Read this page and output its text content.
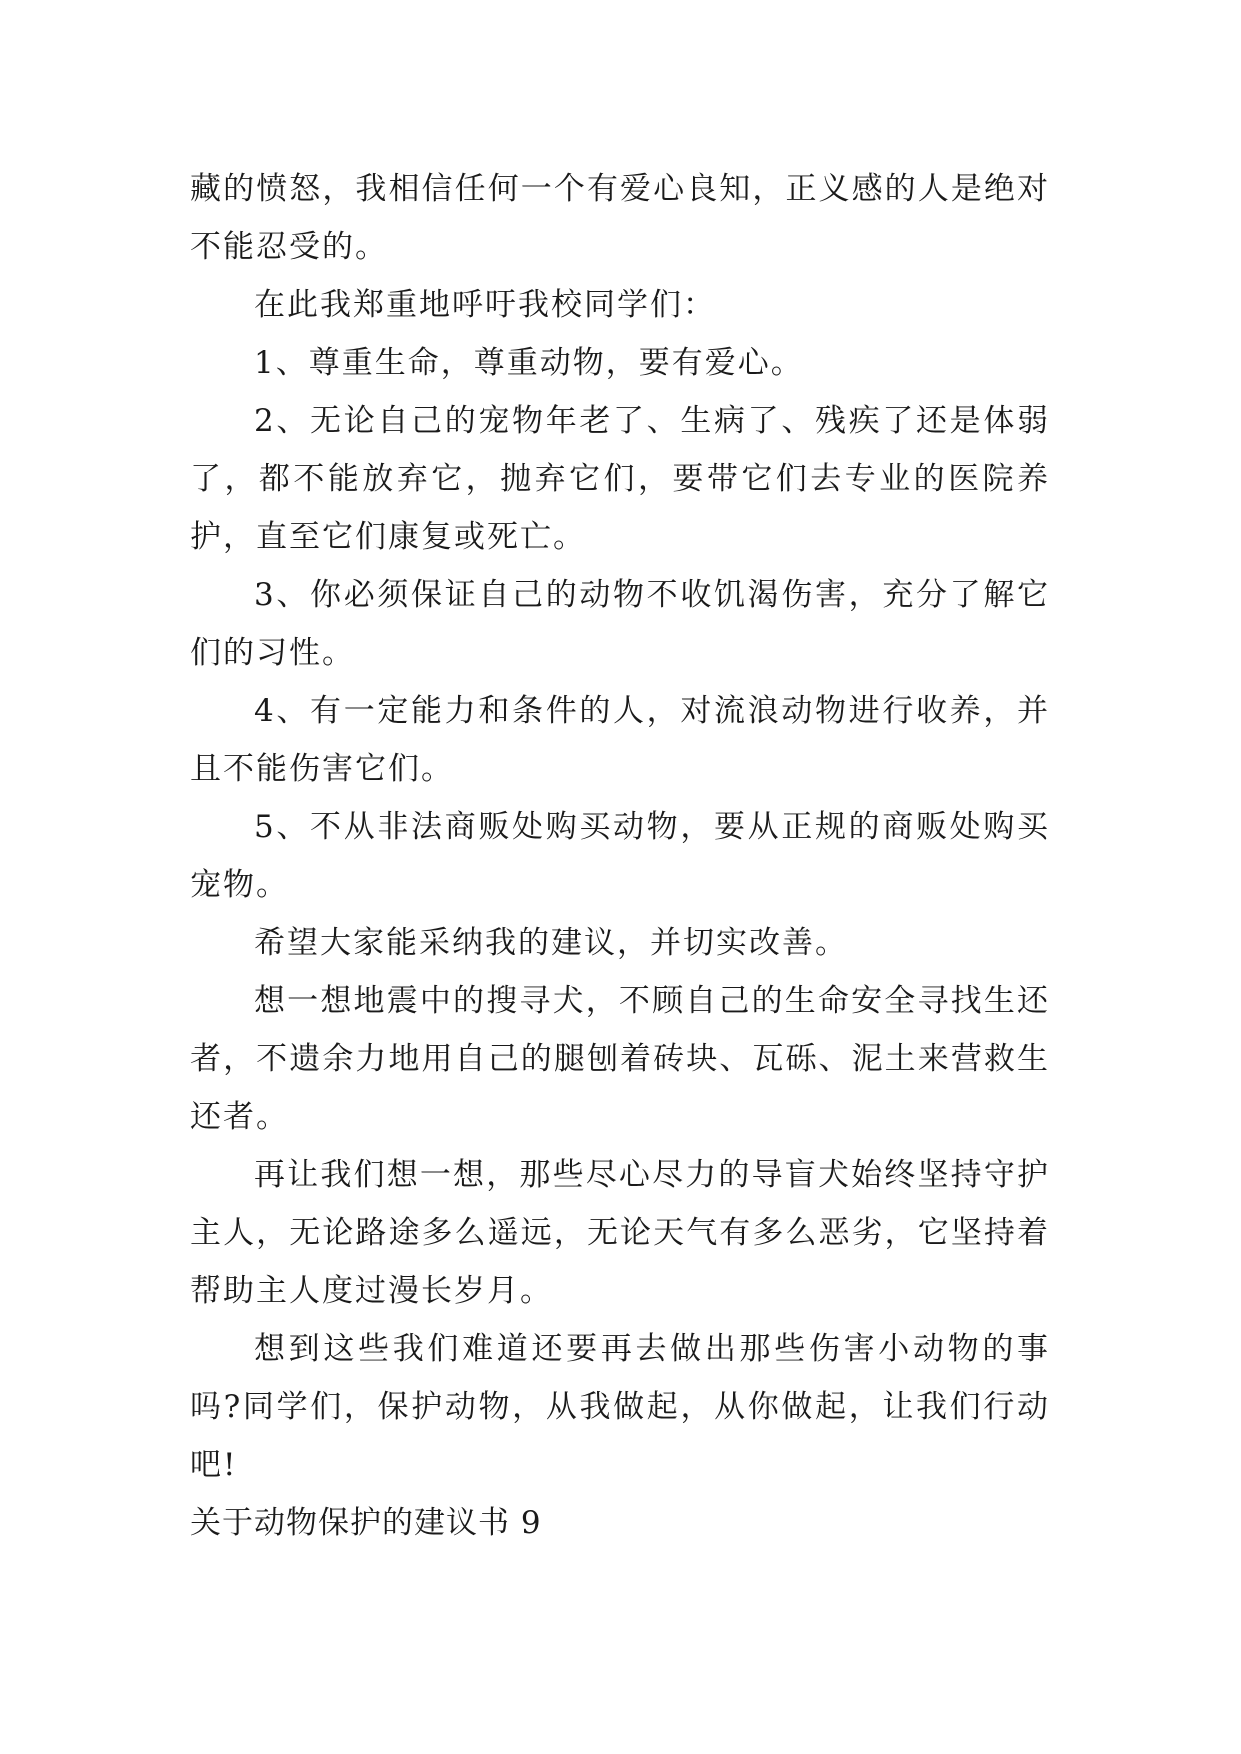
藏的愤怒，我相信任何一个有爱心良知，正义感的人是绝对不能忍受的。

在此我郑重地呼吁我校同学们：

1、尊重生命，尊重动物，要有爱心。

2、无论自己的宠物年老了、生病了、残疾了还是体弱了，都不能放弃它，抛弃它们，要带它们去专业的医院养护，直至它们康复或死亡。

3、你必须保证自己的动物不收饥渴伤害，充分了解它们的习性。

4、有一定能力和条件的人，对流浪动物进行收养，并且不能伤害它们。

5、不从非法商贩处购买动物，要从正规的商贩处购买宠物。

希望大家能采纳我的建议，并切实改善。

想一想地震中的搜寻犬，不顾自己的生命安全寻找生还者，不遗余力地用自己的腿刨着砖块、瓦砾、泥土来营救生还者。

再让我们想一想，那些尽心尽力的导盲犬始终坚持守护主人，无论路途多么遥远，无论天气有多么恶劣，它坚持着帮助主人度过漫长岁月。

想到这些我们难道还要再去做出那些伤害小动物的事吗?同学们，保护动物，从我做起，从你做起，让我们行动吧!

关于动物保护的建议书 9
